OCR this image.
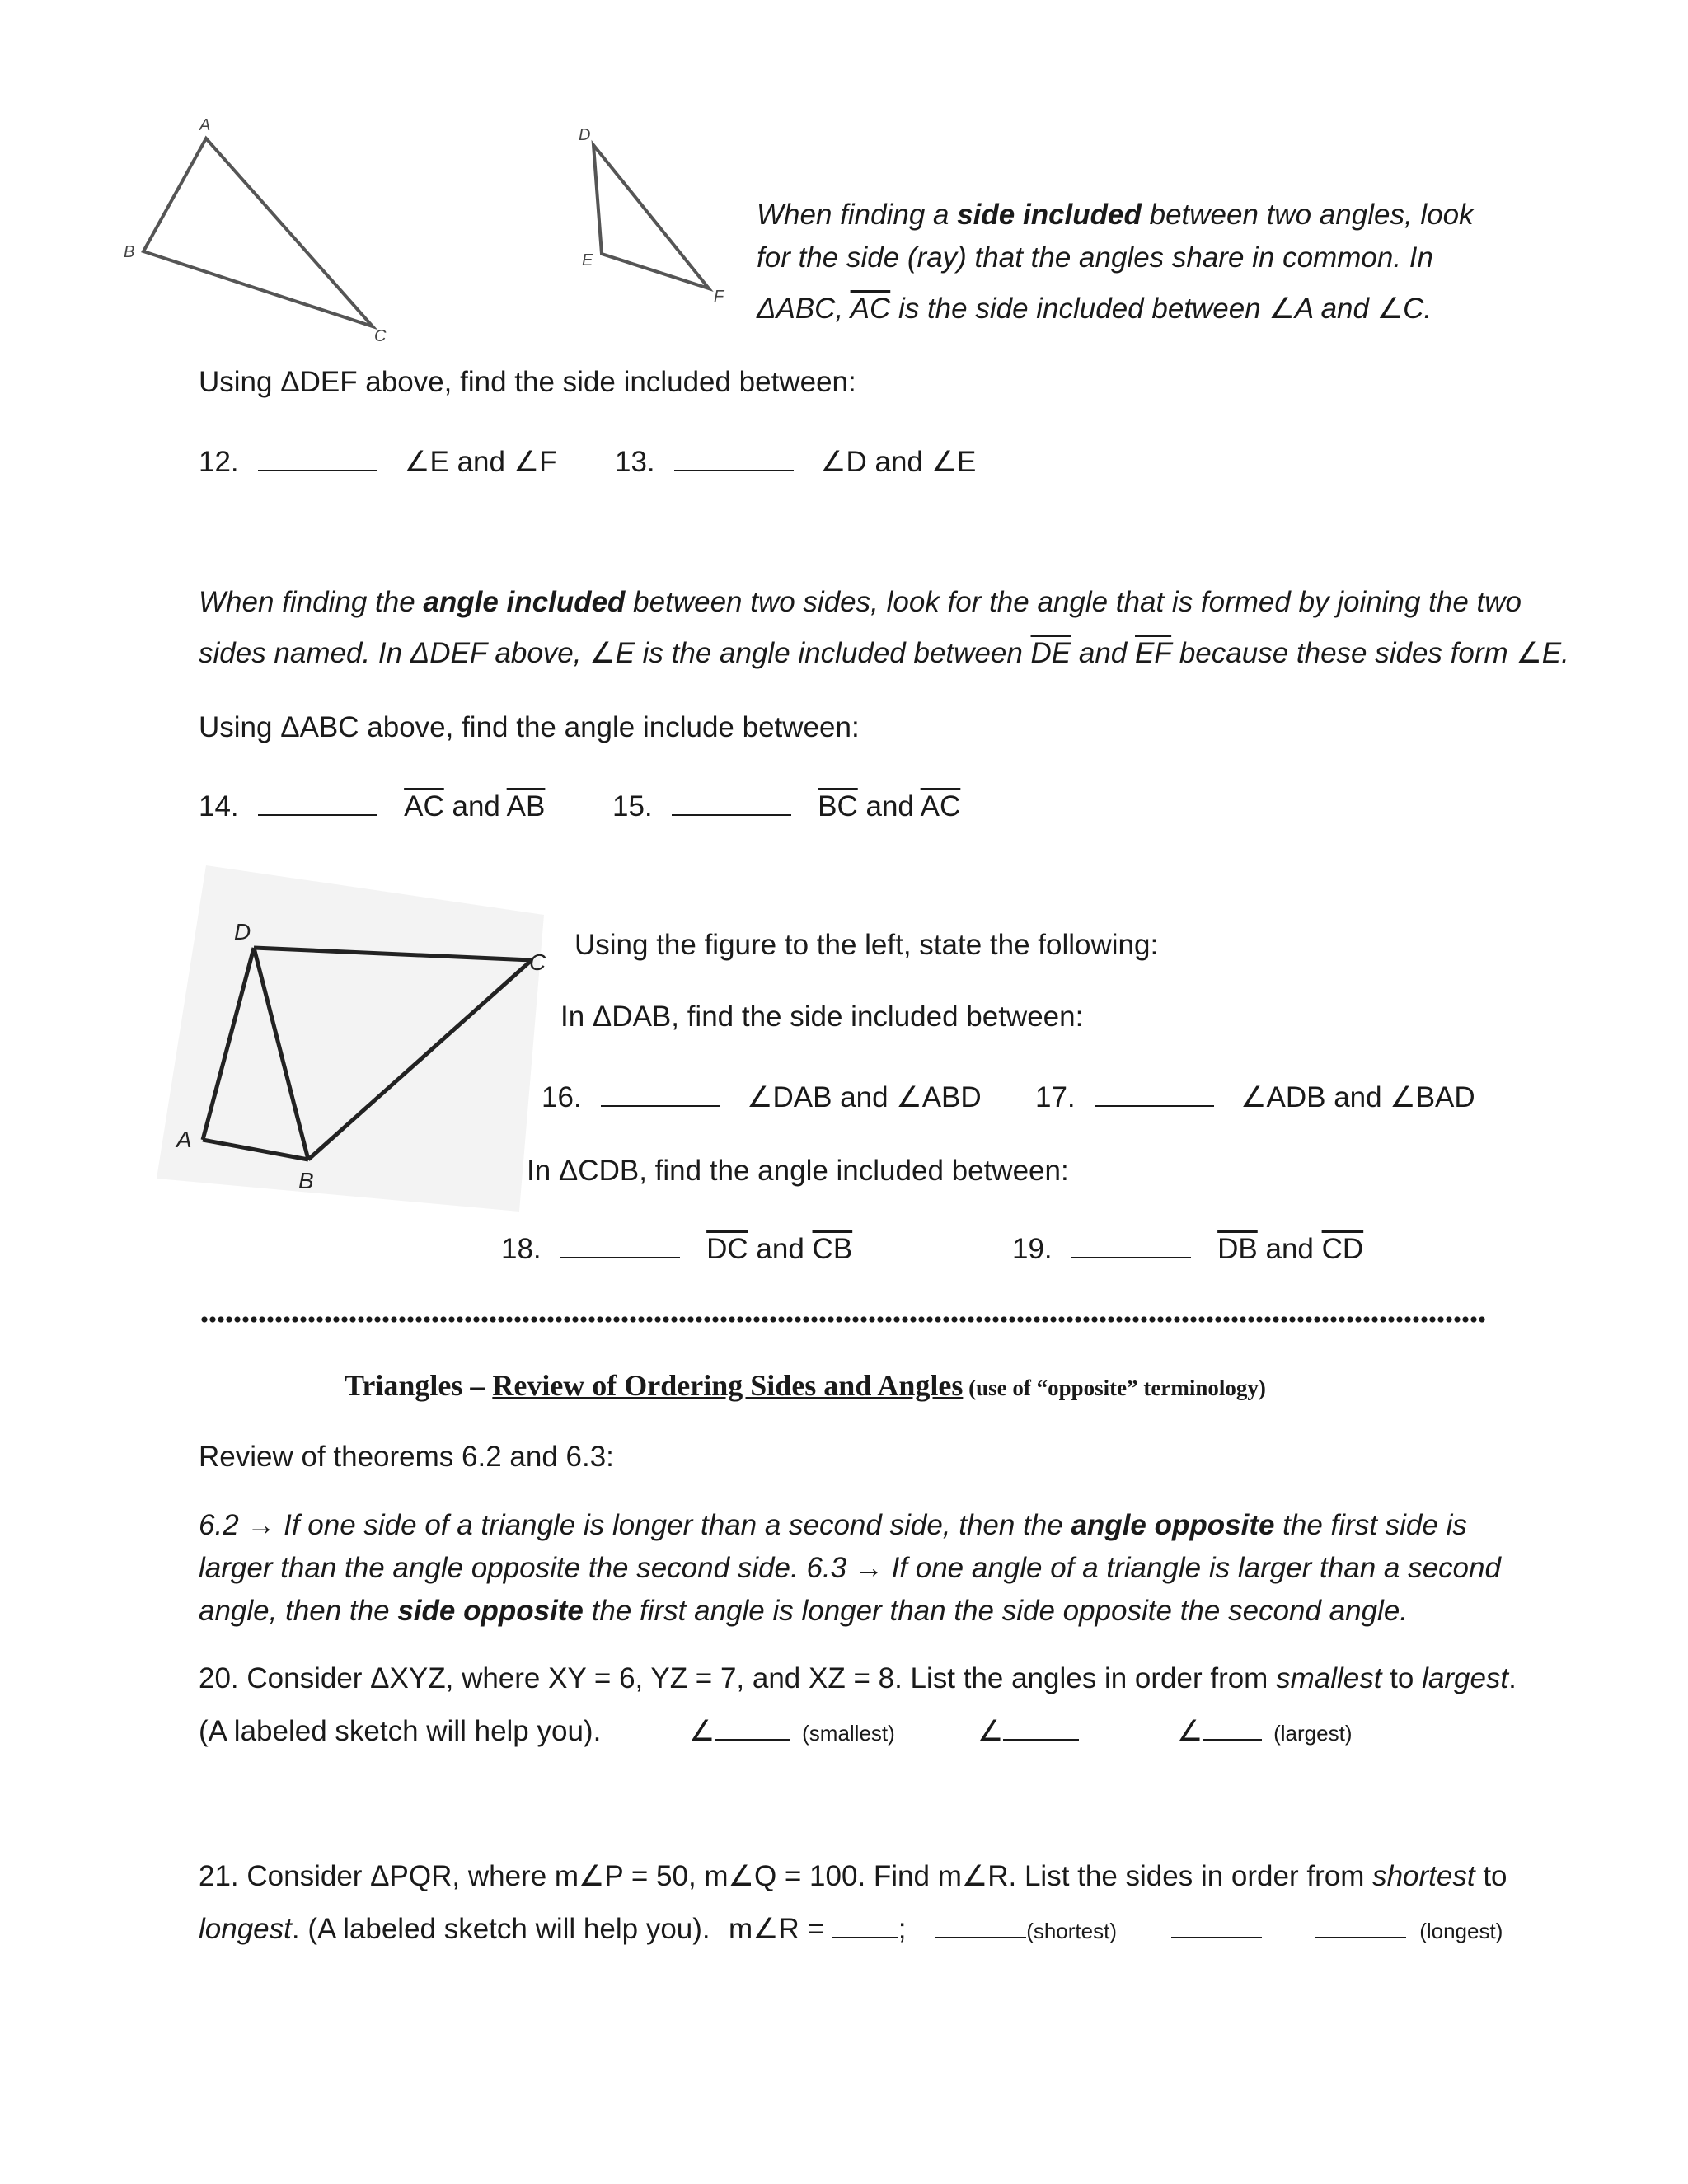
A
B
C
D
E
F
When finding a side included between two angles, look
for the side (ray) that the angles share in common. In
ΔABC, $\overline{AC}$ is the side included between ∠A and ∠C.
Using ΔDEF above, find the side included between:
12.	∠E and ∠F 13.	∠D and ∠E
When finding the angle included between two sides, look for the angle that is formed by joining the two
sides named. In ΔDEF above, ∠E is the angle included between $\overline{DE}$ and $\overline{EF}$ because these sides form ∠E.
Using ΔABC above, find the angle include between:
14.	$\overline{AC}$ and $\overline{AB}$ 15.	$\overline{BC}$ and $\overline{AC}$
D
C
A
B
Using the figure to the left, state the following:
In ΔDAB, find the side included between:
16.	∠DAB and ∠ABD 17.	∠ADB and ∠BAD
In ΔCDB, find the angle included between:
18.	$\overline{DC}$ and $\overline{CB}$	19.	$\overline{DB}$ and $\overline{CD}$
Triangles – Review of Ordering Sides and Angles (use of “opposite” terminology)
Review of theorems 6.2 and 6.3:
6.2 → If one side of a triangle is longer than a second side, then the angle opposite the first side is
larger than the angle opposite the second side. 6.3 → If one angle of a triangle is larger than a second
angle, then the side opposite the first angle is longer than the side opposite the second angle.
20. Consider ΔXYZ, where XY = 6, YZ = 7, and XZ = 8. List the angles in order from smallest to largest.
(A labeled sketch will help you).	∠	(smallest)	∠	∠	(largest)
21. Consider ΔPQR, where m∠P = 50, m∠Q = 100. Find m∠R. List the sides in order from shortest to
longest. (A labeled sketch will help you). m∠R =	;	(shortest)	(longest)
